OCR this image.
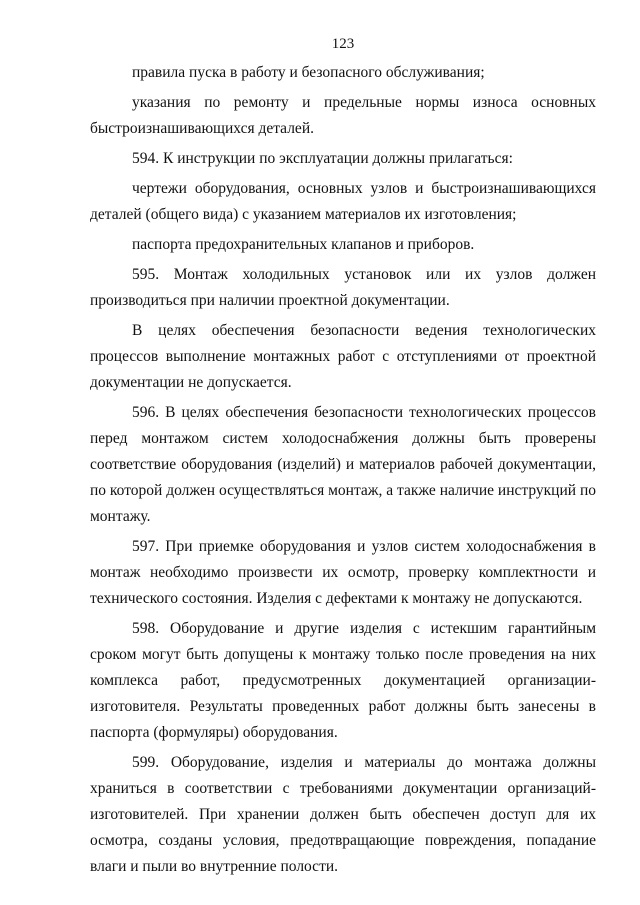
123

правила пуска в работу и безопасного обслуживания;

указания по ремонту и предельные нормы износа основных быстроизнашивающихся деталей.

594. К инструкции по эксплуатации должны прилагаться:

чертежи оборудования, основных узлов и быстроизнашивающихся деталей (общего вида) с указанием материалов их изготовления;

паспорта предохранительных клапанов и приборов.

595. Монтаж холодильных установок или их узлов должен производиться при наличии проектной документации.

В целях обеспечения безопасности ведения технологических процессов выполнение монтажных работ с отступлениями от проектной документации не допускается.

596. В целях обеспечения безопасности технологических процессов перед монтажом систем холодоснабжения должны быть проверены соответствие оборудования (изделий) и материалов рабочей документации, по которой должен осуществляться монтаж, а также наличие инструкций по монтажу.

597. При приемке оборудования и узлов систем холодоснабжения в монтаж необходимо произвести их осмотр, проверку комплектности и технического состояния. Изделия с дефектами к монтажу не допускаются.

598. Оборудование и другие изделия с истекшим гарантийным сроком могут быть допущены к монтажу только после проведения на них комплекса работ, предусмотренных документацией организации-изготовителя. Результаты проведенных работ должны быть занесены в паспорта (формуляры) оборудования.

599. Оборудование, изделия и материалы до монтажа должны храниться в соответствии с требованиями документации организаций-изготовителей. При хранении должен быть обеспечен доступ для их осмотра, созданы условия, предотвращающие повреждения, попадание влаги и пыли во внутренние полости.
